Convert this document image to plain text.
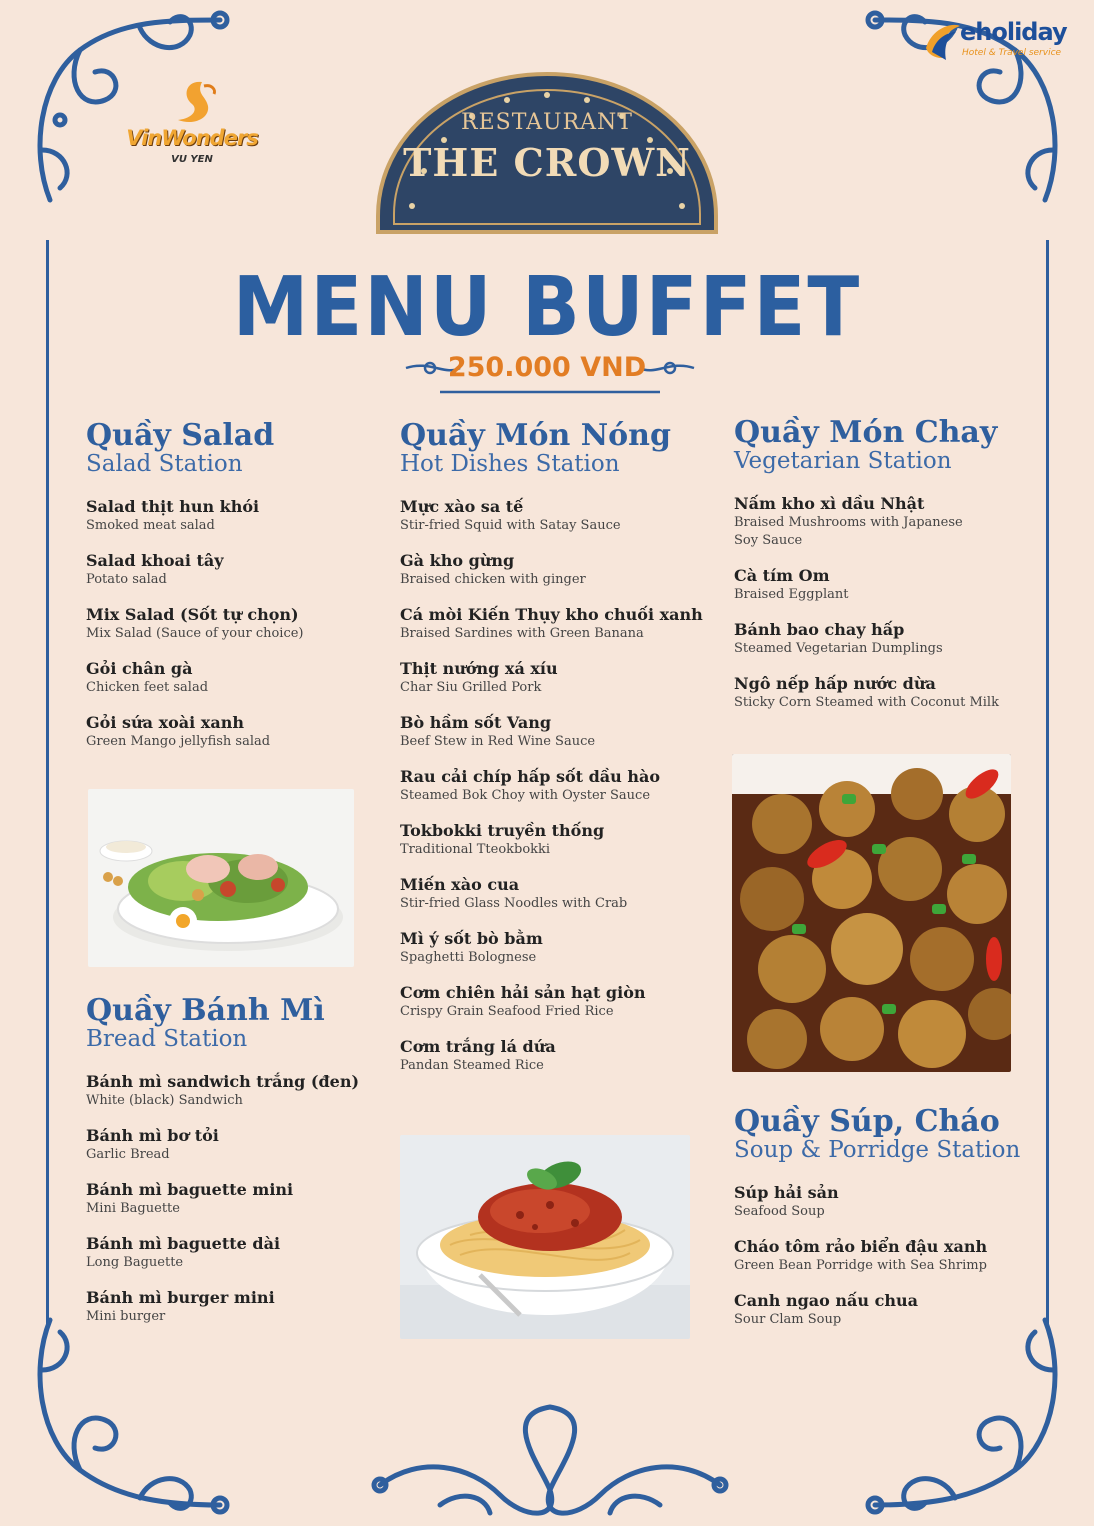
VinWonders
VU YEN
eholiday
Hotel & Travel service
RESTAURANT
THE CROWN
MENU BUFFET
250.000 VND
Quầy Salad
Salad Station
Salad thịt hun khói
Smoked meat salad
Salad khoai tây
Potato salad
Mix Salad (Sốt tự chọn)
Mix Salad (Sauce of your choice)
Gỏi chân gà
Chicken feet salad
Gỏi sứa xoài xanh
Green Mango jellyfish salad
Quầy Bánh Mì
Bread Station
Bánh mì sandwich trắng (đen)
White (black) Sandwich
Bánh mì bơ tỏi
Garlic Bread
Bánh mì baguette mini
Mini Baguette
Bánh mì baguette dài
Long Baguette
Bánh mì burger mini
Mini burger
Quầy Món Nóng
Hot Dishes Station
Mực xào sa tế
Stir-fried Squid with Satay Sauce
Gà kho gừng
Braised chicken with ginger
Cá mòi Kiến Thụy kho chuối xanh
Braised Sardines with Green Banana
Thịt nướng xá xíu
Char Siu Grilled Pork
Bò hầm sốt Vang
Beef Stew in Red Wine Sauce
Rau cải chíp hấp sốt dầu hào
Steamed Bok Choy with Oyster Sauce
Tokbokki truyền thống
Traditional Tteokbokki
Miến xào cua
Stir-fried Glass Noodles with Crab
Mì ý sốt bò bằm
Spaghetti Bolognese
Cơm chiên hải sản hạt giòn
Crispy Grain Seafood Fried Rice
Cơm trắng lá dứa
Pandan Steamed Rice
Quầy Món Chay
Vegetarian Station
Nấm kho xì dầu Nhật
Braised Mushrooms with Japanese Soy Sauce
Cà tím Om
Braised Eggplant
Bánh bao chay hấp
Steamed Vegetarian Dumplings
Ngô nếp hấp nước dừa
Sticky Corn Steamed with Coconut Milk
Quầy Súp, Cháo
Soup & Porridge Station
Súp hải sản
Seafood Soup
Cháo tôm rảo biển đậu xanh
Green Bean Porridge with Sea Shrimp
Canh ngao nấu chua
Sour Clam Soup
